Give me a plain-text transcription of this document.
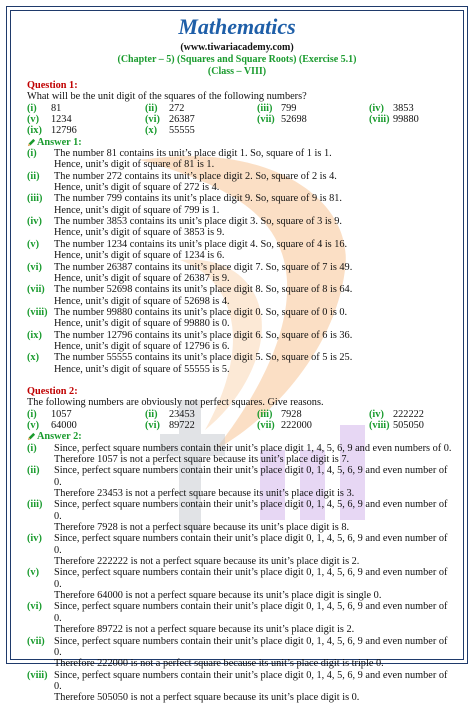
Mathematics
(www.tiwariacademy.com)
(Chapter – 5) (Squares and Square Roots) (Exercise 5.1)
(Class – VIII)
Question 1:
What will be the unit digit of the squares of the following numbers?
(i) 81	(ii) 272	(iii) 799	(iv) 3853
(v) 1234	(vi) 26387	(vii) 52698	(viii) 99880
(ix) 12796	(x) 55555
Answer 1:
(i)	The number 81 contains its unit’s place digit 1. So, square of 1 is 1.
Hence, unit’s digit of square of 81 is 1.
(ii)	The number 272 contains its unit’s place digit 2. So, square of 2 is 4.
Hence, unit’s digit of square of 272 is 4.
(iii)	The number 799 contains its unit’s place digit 9. So, square of 9 is 81.
Hence, unit’s digit of square of 799 is 1.
(iv)	The number 3853 contains its unit’s place digit 3. So, square of 3 is 9.
Hence, unit’s digit of square of 3853 is 9.
(v)	The number 1234 contains its unit’s place digit 4. So, square of 4 is 16.
Hence, unit’s digit of square of 1234 is 6.
(vi)	The number 26387 contains its unit’s place digit 7. So, square of 7 is 49.
Hence, unit’s digit of square of 26387 is 9.
(vii) The number 52698 contains its unit’s place digit 8. So, square of 8 is 64.
Hence, unit’s digit of square of 52698 is 4.
(viii) The number 99880 contains its unit’s place digit 0. So, square of 0 is 0.
Hence, unit’s digit of square of 99880 is 0.
(ix)	The number 12796 contains its unit’s place digit 6. So, square of 6 is 36.
Hence, unit’s digit of square of 12796 is 6.
(x)	The number 55555 contains its unit’s place digit 5. So, square of 5 is 25.
Hence, unit’s digit of square of 55555 is 5.
Question 2:
The following numbers are obviously not perfect squares. Give reasons.
(i) 1057	(ii) 23453	(iii) 7928	(iv) 222222
(v) 64000	(vi) 89722	(vii) 222000	(viii) 505050
Answer 2:
(i)	Since, perfect square numbers contain their unit’s place digit 1, 4, 5, 6, 9 and even numbers of 0.
Therefore 1057 is not a perfect square because its unit’s place digit is 7.
(ii)	Since, perfect square numbers contain their unit’s place digit 0, 1, 4, 5, 6, 9 and even number of 0.
Therefore 23453 is not a perfect square because its unit’s place digit is 3.
(iii)	Since, perfect square numbers contain their unit’s place digit 0, 1, 4, 5, 6, 9 and even number of 0.
Therefore 7928 is not a perfect square because its unit’s place digit is 8.
(iv)	Since, perfect square numbers contain their unit’s place digit 0, 1, 4, 5, 6, 9 and even number of 0.
Therefore 222222 is not a perfect square because its unit’s place digit is 2.
(v)	Since, perfect square numbers contain their unit’s place digit 0, 1, 4, 5, 6, 9 and even number of 0.
Therefore 64000 is not a perfect square because its unit’s place digit is single 0.
(vi)	Since, perfect square numbers contain their unit’s place digit 0, 1, 4, 5, 6, 9 and even number of 0.
Therefore 89722 is not a perfect square because its unit’s place digit is 2.
(vii) Since, perfect square numbers contain their unit’s place digit 0, 1, 4, 5, 6, 9 and even number of 0.
Therefore 222000 is not a perfect square because its unit’s place digit is triple 0.
(viii) Since, perfect square numbers contain their unit’s place digit 0, 1, 4, 5, 6, 9 and even number of 0.
Therefore 505050 is not a perfect square because its unit’s place digit is 0.
